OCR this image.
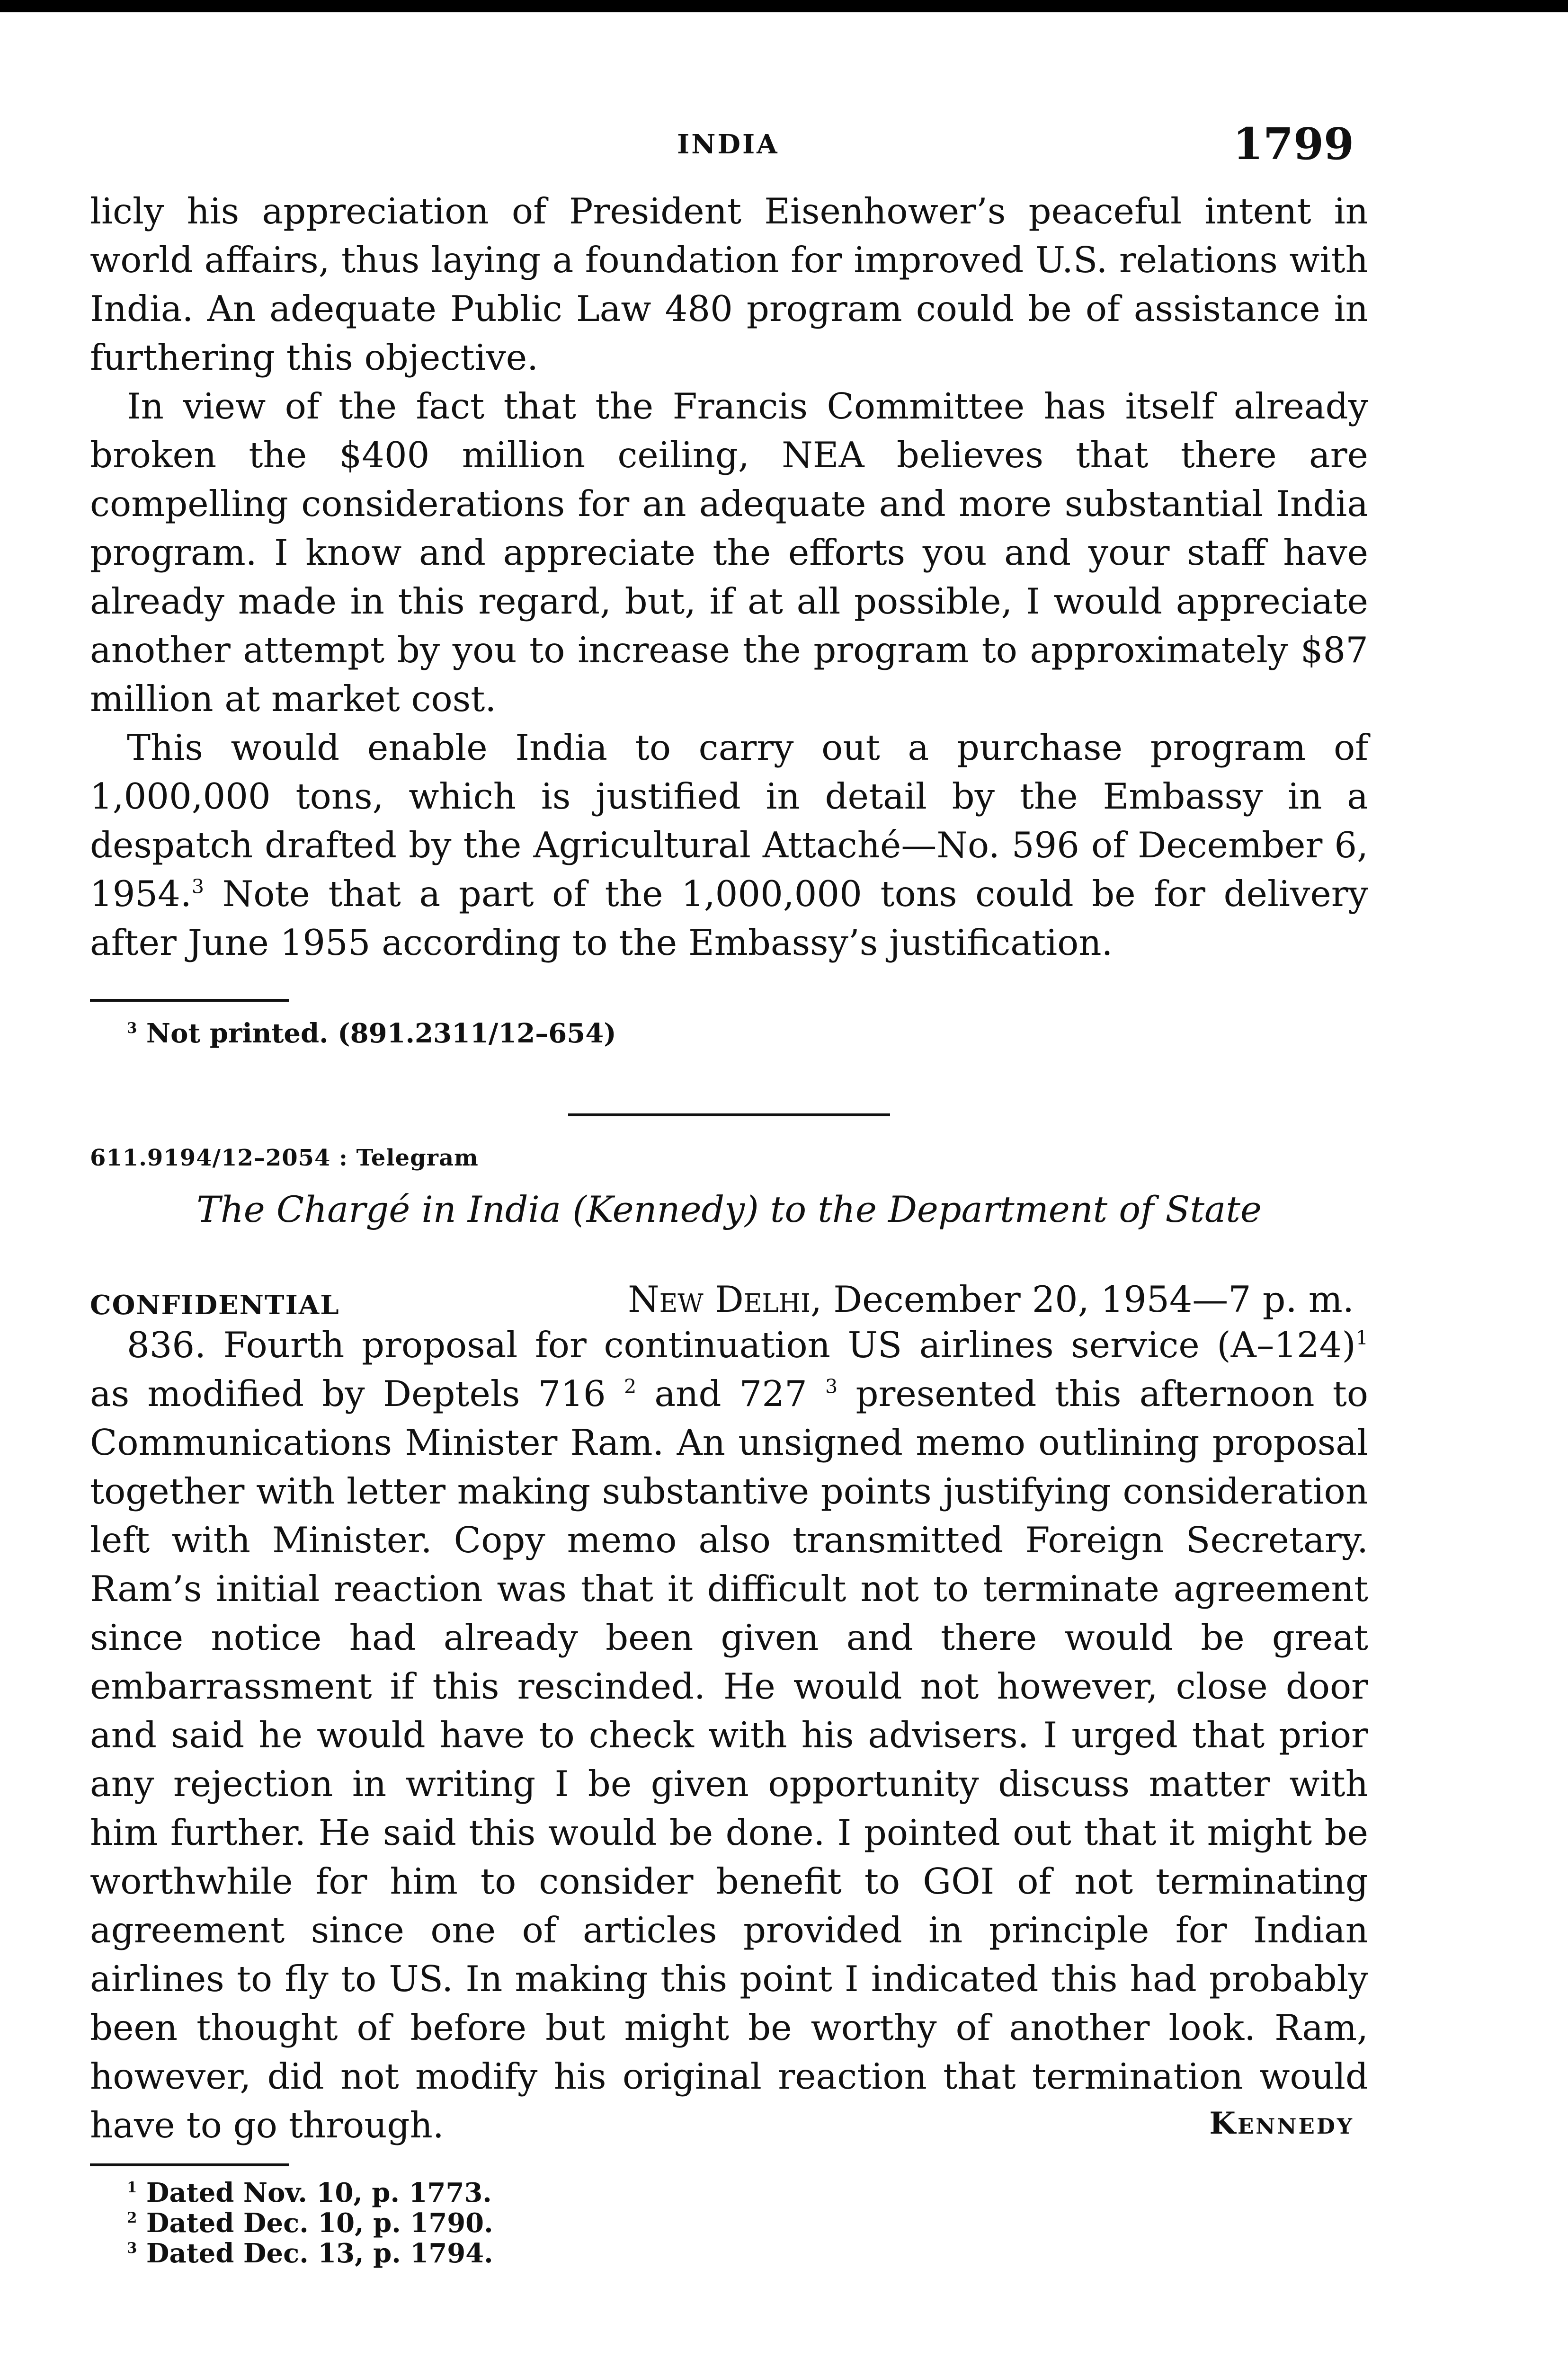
INDIA	1799

licly his appreciation of President Eisenhower’s peaceful intent in world affairs, thus laying a foundation for improved U.S. relations with India. An adequate Public Law 480 program could be of assistance in furthering this objective.

In view of the fact that the Francis Committee has itself already broken the $400 million ceiling, NEA believes that there are compelling considerations for an adequate and more substantial India program. I know and appreciate the efforts you and your staff have already made in this regard, but, if at all possible, I would appreciate another attempt by you to increase the program to approximately $87 million at market cost.

This would enable India to carry out a purchase program of 1,000,000 tons, which is justified in detail by the Embassy in a despatch drafted by the Agricultural Attaché—No. 596 of December 6, 1954.$^3$ Note that a part of the 1,000,000 tons could be for delivery after June 1955 according to the Embassy’s justification.

$^3$ Not printed. (891.2311/12–654)
611.9194/12–2054 : Telegram
The Chargé in India (Kennedy) to the Department of State
CONFIDENTIAL	New Delhi, December 20, 1954—7 p. m.

836. Fourth proposal for continuation US airlines service $(A-124)^1$ as modified by Deptels 716 $^2$ and 727 $^3$ presented this afternoon to Communications Minister Ram. An unsigned memo outlining proposal together with letter making substantive points justifying consideration left with Minister. Copy memo also transmitted Foreign Secretary. Ram’s initial reaction was that it difficult not to terminate agreement since notice had already been given and there would be great embarrassment if this rescinded. He would not however, close door and said he would have to check with his advisers. I urged that prior any rejection in writing I be given opportunity discuss matter with him further. He said this would be done. I pointed out that it might be worthwhile for him to consider benefit to GOI of not terminating agreement since one of articles provided in principle for Indian airlines to fly to US. In making this point I indicated this had probably been thought of before but might be worthy of another look. Ram, however, did not modify his original reaction that termination would have to go through.	Kennedy
$^1$ Dated Nov. 10, p. 1773.
$^2$ Dated Dec. 10, p. 1790.
$^3$ Dated Dec. 13, p. 1794.
